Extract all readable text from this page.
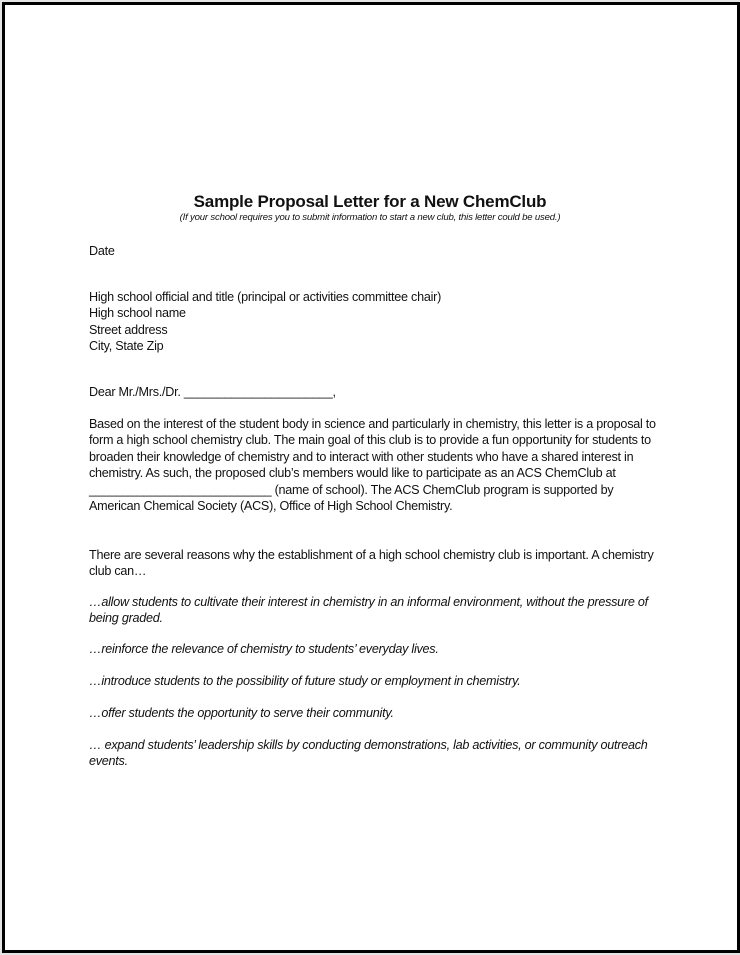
Sample Proposal Letter for a New ChemClub
(If your school requires you to submit information to start a new club, this letter could be used.)
Date

High school official and title (principal or activities committee chair)

High school name

Street address

City, State Zip

Dear Mr./Mrs./Dr. ______________________,
Based on the interest of the student body in science and particularly in chemistry, this letter is a proposal to form a high school chemistry club. The main goal of this club is to provide a fun opportunity for students to broaden their knowledge of chemistry and to interact with other students who have a shared interest in chemistry. As such, the proposed club’s members would like to participate as an ACS ChemClub at ___________________________ (name of school). The ACS ChemClub program is supported by American Chemical Society (ACS), Office of High School Chemistry.
There are several reasons why the establishment of a high school chemistry club is important. A chemistry club can…
…allow students to cultivate their interest in chemistry in an informal environment, without the pressure of being graded.
…reinforce the relevance of chemistry to students’ everyday lives.
…introduce students to the possibility of future study or employment in chemistry.
…offer students the opportunity to serve their community.
… expand students’ leadership skills by conducting demonstrations, lab activities, or community outreach events.
